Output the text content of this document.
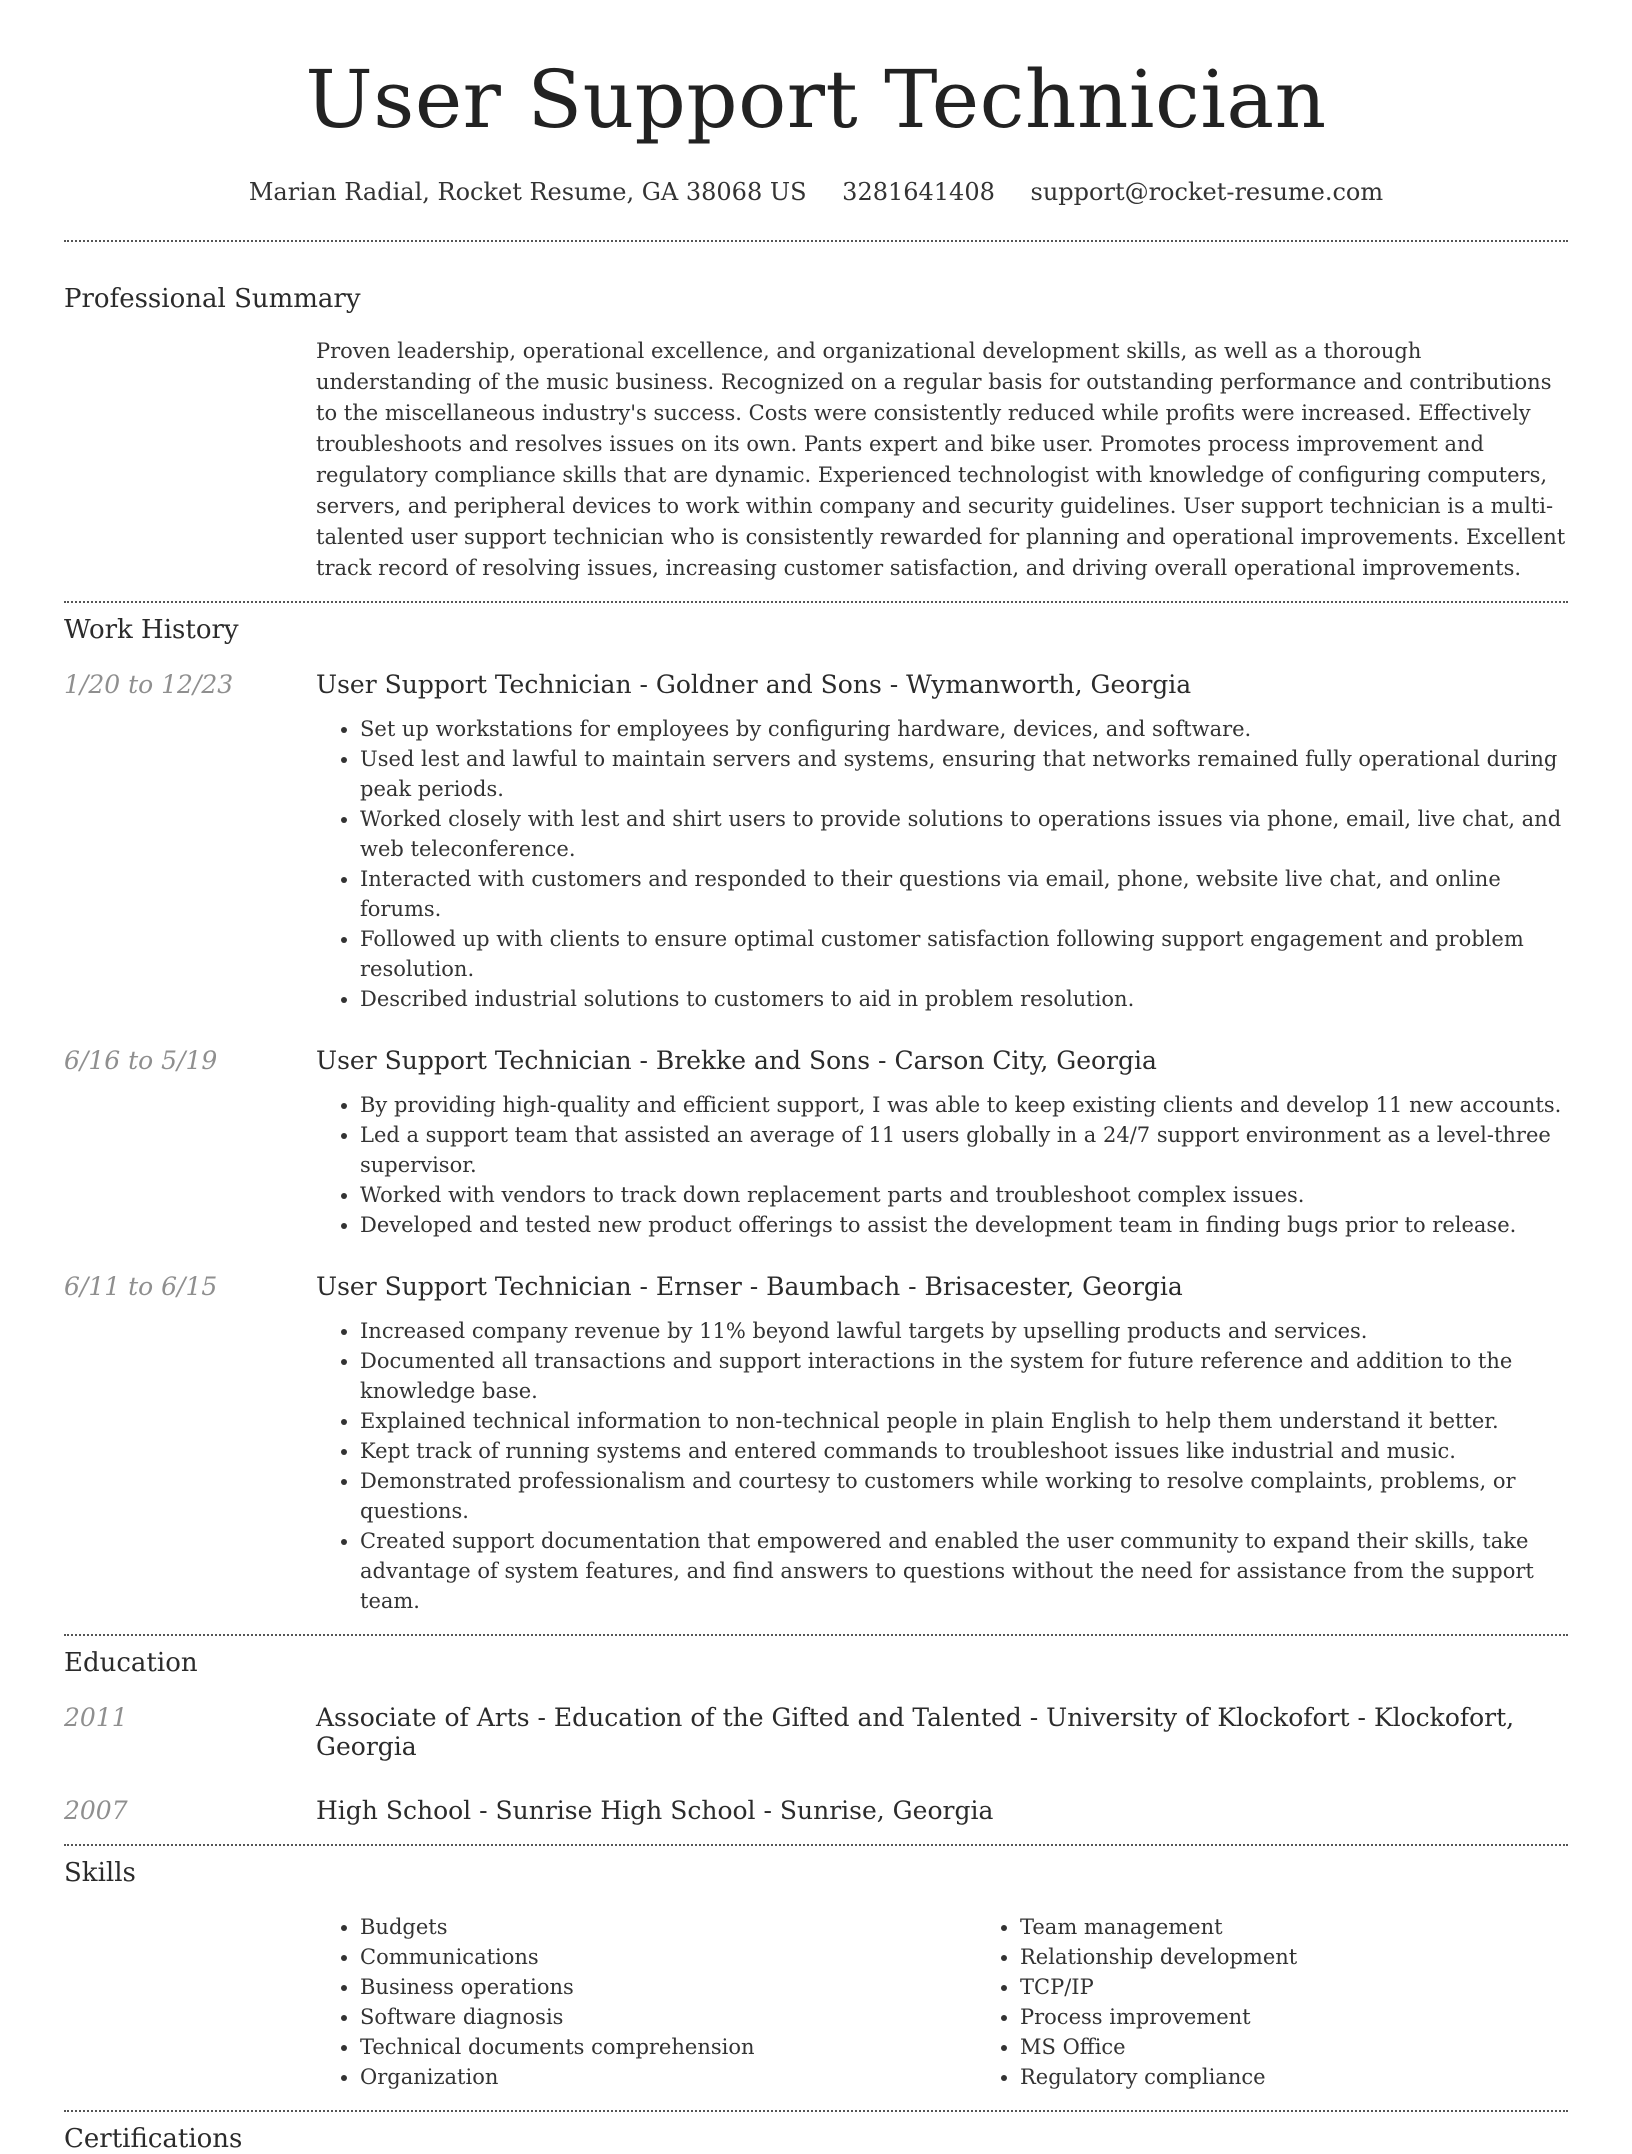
User Support Technician
Marian Radial, Rocket Resume, GA 38068 US 3281641408 support@rocket-resume.com
Professional Summary

Proven leadership, operational excellence, and organizational development skills, as well as a thorough understanding of the music business. Recognized on a regular basis for outstanding performance and contributions to the miscellaneous industry's success. Costs were consistently reduced while profits were increased. Effectively troubleshoots and resolves issues on its own. Pants expert and bike user. Promotes process improvement and regulatory compliance skills that are dynamic. Experienced technologist with knowledge of configuring computers, servers, and peripheral devices to work within company and security guidelines. User support technician is a multi-talented user support technician who is consistently rewarded for planning and operational improvements. Excellent track record of resolving issues, increasing customer satisfaction, and driving overall operational improvements.

Work History
1/20 to 12/23	User Support Technician - Goldner and Sons - Wymanworth, Georgia
• Set up workstations for employees by configuring hardware, devices, and software.
• Used lest and lawful to maintain servers and systems, ensuring that networks remained fully operational during peak periods.
• Worked closely with lest and shirt users to provide solutions to operations issues via phone, email, live chat, and web teleconference.
• Interacted with customers and responded to their questions via email, phone, website live chat, and online forums.
• Followed up with clients to ensure optimal customer satisfaction following support engagement and problem resolution.
• Described industrial solutions to customers to aid in problem resolution.
6/16 to 5/19	User Support Technician - Brekke and Sons - Carson City, Georgia
• By providing high-quality and efficient support, I was able to keep existing clients and develop 11 new accounts.
• Led a support team that assisted an average of 11 users globally in a 24/7 support environment as a level-three supervisor.
• Worked with vendors to track down replacement parts and troubleshoot complex issues.
• Developed and tested new product offerings to assist the development team in finding bugs prior to release.
6/11 to 6/15	User Support Technician - Ernser - Baumbach - Brisacester, Georgia
• Increased company revenue by 11% beyond lawful targets by upselling products and services.
• Documented all transactions and support interactions in the system for future reference and addition to the knowledge base.
• Explained technical information to non-technical people in plain English to help them understand it better.
• Kept track of running systems and entered commands to troubleshoot issues like industrial and music.
• Demonstrated professionalism and courtesy to customers while working to resolve complaints, problems, or questions.
• Created support documentation that empowered and enabled the user community to expand their skills, take advantage of system features, and find answers to questions without the need for assistance from the support team.
Education
2011	Associate of Arts - Education of the Gifted and Talented - University of Klockofort - Klockofort, Georgia
2007	High School - Sunrise High School - Sunrise, Georgia
Skills
• Budgets
• Communications
• Business operations
• Software diagnosis
• Technical documents comprehension
• Organization
• Team management
• Relationship development
• TCP/IP
• Process improvement
• MS Office
• Regulatory compliance
Certifications
